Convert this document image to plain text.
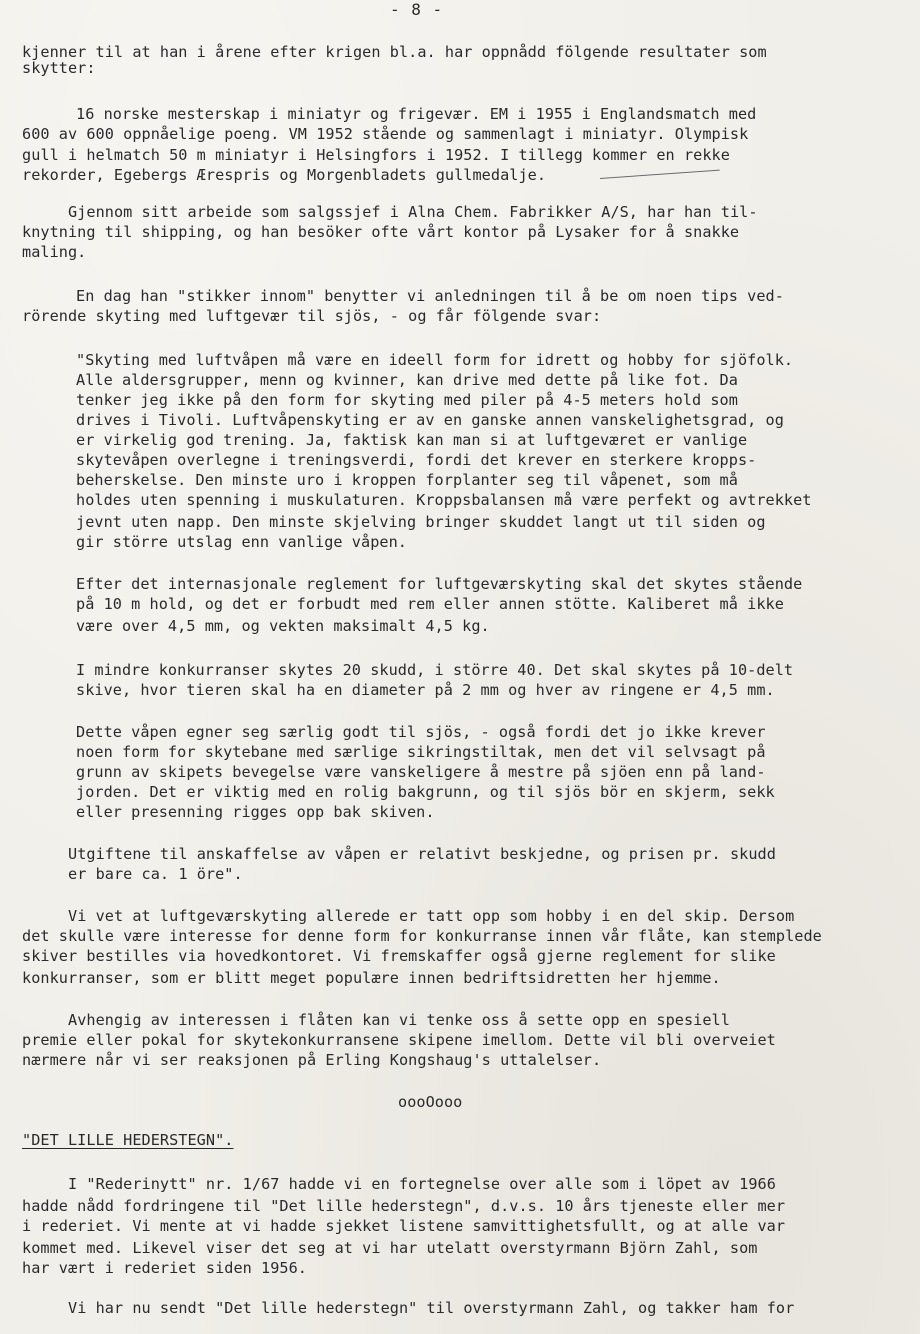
- 8 -
kjenner til at han i årene efter krigen bl.a. har oppnådd fölgende resultater som
skytter:
16 norske mesterskap i miniatyr og frigevær. EM i 1955 i Englandsmatch med
600 av 600 oppnåelige poeng. VM 1952 stående og sammenlagt i miniatyr. Olympisk
gull i helmatch 50 m miniatyr i Helsingfors i 1952. I tillegg kommer en rekke
rekorder, Egebergs Ærespris og Morgenbladets gullmedalje.
Gjennom sitt arbeide som salgssjef i Alna Chem. Fabrikker A/S, har han til-
knytning til shipping, og han besöker ofte vårt kontor på Lysaker for å snakke
maling.
En dag han "stikker innom" benytter vi anledningen til å be om noen tips ved-
rörende skyting med luftgevær til sjös, - og får fölgende svar:
"Skyting med luftvåpen må være en ideell form for idrett og hobby for sjöfolk.
Alle aldersgrupper, menn og kvinner, kan drive med dette på like fot. Da
tenker jeg ikke på den form for skyting med piler på 4-5 meters hold som
drives i Tivoli. Luftvåpenskyting er av en ganske annen vanskelighetsgrad, og
er virkelig god trening. Ja, faktisk kan man si at luftgeværet er vanlige
skytevåpen overlegne i treningsverdi, fordi det krever en sterkere kropps-
beherskelse. Den minste uro i kroppen forplanter seg til våpenet, som må
holdes uten spenning i muskulaturen. Kroppsbalansen må være perfekt og avtrekket
jevnt uten napp. Den minste skjelving bringer skuddet langt ut til siden og
gir större utslag enn vanlige våpen.
Efter det internasjonale reglement for luftgeværskyting skal det skytes stående
på 10 m hold, og det er forbudt med rem eller annen stötte. Kaliberet må ikke
være over 4,5 mm, og vekten maksimalt 4,5 kg.
I mindre konkurranser skytes 20 skudd, i större 40. Det skal skytes på 10-delt
skive, hvor tieren skal ha en diameter på 2 mm og hver av ringene er 4,5 mm.
Dette våpen egner seg særlig godt til sjös, - også fordi det jo ikke krever
noen form for skytebane med særlige sikringstiltak, men det vil selvsagt på
grunn av skipets bevegelse være vanskeligere å mestre på sjöen enn på land-
jorden. Det er viktig med en rolig bakgrunn, og til sjös bör en skjerm, sekk
eller presenning rigges opp bak skiven.
Utgiftene til anskaffelse av våpen er relativt beskjedne, og prisen pr. skudd
er bare ca. 1 öre".
Vi vet at luftgeværskyting allerede er tatt opp som hobby i en del skip. Dersom
det skulle være interesse for denne form for konkurranse innen vår flåte, kan stemplede
skiver bestilles via hovedkontoret. Vi fremskaffer også gjerne reglement for slike
konkurranser, som er blitt meget populære innen bedriftsidretten her hjemme.
Avhengig av interessen i flåten kan vi tenke oss å sette opp en spesiell
premie eller pokal for skytekonkurransene skipene imellom. Dette vil bli overveiet
nærmere når vi ser reaksjonen på Erling Kongshaug's uttalelser.
oooOooo
"DET LILLE HEDERSTEGN".
I "Rederinytt" nr. 1/67 hadde vi en fortegnelse over alle som i löpet av 1966
hadde nådd fordringene til "Det lille hederstegn", d.v.s. 10 års tjeneste eller mer
i rederiet. Vi mente at vi hadde sjekket listene samvittighetsfullt, og at alle var
kommet med. Likevel viser det seg at vi har utelatt overstyrmann Björn Zahl, som
har vært i rederiet siden 1956.
Vi har nu sendt "Det lille hederstegn" til overstyrmann Zahl, og takker ham for
